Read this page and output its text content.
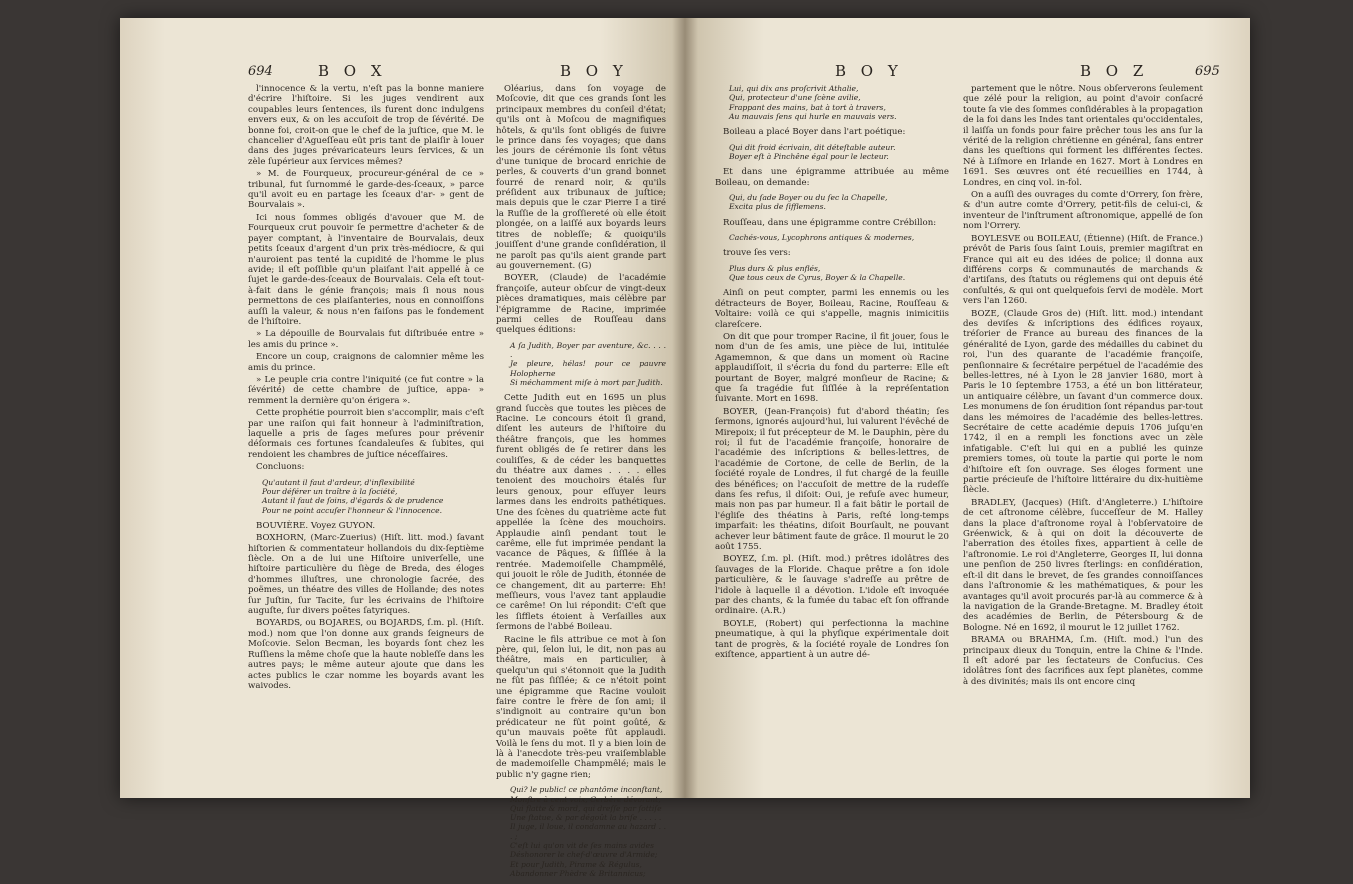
694	B O X	B O Y

l'innocence & la vertu, n'eſt pas la bonne maniere d'écrire l'hiſtoire. Si les juges vendirent aux coupables leurs ſentences, ils furent donc indulgens envers eux, & on les accuſoit de trop de ſévérité. De bonne foi, croit-on que le chef de la juſtice, que M. le chancelier d'Agueſſeau eût pris tant de plaiſir à louer dans des juges prévaricateurs leurs ſervices, & un zèle ſupérieur aux ſervices mêmes?

» M. de Fourqueux, procureur-général de ce » tribunal, fut ſurnommé le garde-des-ſceaux, » parce qu'il avoit eu en partage les ſceaux d'ar- » gent de Bourvalais ».

Ici nous ſommes obligés d'avouer que M. de Fourqueux crut pouvoir ſe permettre d'acheter & de payer comptant, à l'inventaire de Bourvalais, deux petits ſceaux d'argent d'un prix très-médiocre, & qui n'auroient pas tenté la cupidité de l'homme le plus avide; il eſt poſſible qu'un plaiſant l'ait appellé à ce ſujet le garde-des-ſceaux de Bourvalais. Cela eſt tout-à-fait dans le génie françois; mais ſi nous nous permettons de ces plaiſanteries, nous en connoiſſons auſſi la valeur, & nous n'en faiſons pas le fondement de l'hiſtoire.

» La dépouille de Bourvalais fut diſtribuée entre » les amis du prince ».

Encore un coup, craignons de calomnier même les amis du prince.

» Le peuple cria contre l'iniquité (ce fut contre » la ſévérité) de cette chambre de juſtice, appa- » remment la dernière qu'on érigera ».

Cette prophétie pourroit bien s'accomplir, mais c'eſt par une raiſon qui fait honneur à l'adminiſtration, laquelle a pris de ſages meſures pour prévenir déſormais ces fortunes ſcandaleuſes & ſubites, qui rendoient les chambres de juſtice néceſſaires.

Concluons:

Qu'autant il faut d'ardeur, d'inflexibilité
Pour déférer un traître à la ſociété,
Autant il faut de ſoins, d'égards & de prudence
Pour ne point accuſer l'honneur & l'innocence.

BOUVIÈRE. Voyez GUYON.

BOXHORN, (Marc-Zuerius) (Hiſt. litt. mod.) ſavant hiſtorien & commentateur hollandois du dix-ſeptième ſiècle. On a de lui une Hiſtoire univerſelle, une hiſtoire particulière du ſiège de Breda, des éloges d'hommes illuſtres, une chronologie ſacrée, des poëmes, un théatre des villes de Hollande; des notes ſur Juſtin, ſur Tacite, ſur les écrivains de l'hiſtoire auguſte, ſur divers poëtes ſatyriques.

BOYARDS, ou BOJARES, ou BOJARDS, ſ.m. pl. (Hiſt. mod.) nom que l'on donne aux grands ſeigneurs de Moſcovie. Selon Becman, les boyards ſont chez les Ruſſiens la même choſe que la haute nobleſſe dans les autres pays; le même auteur ajoute que dans les actes publics le czar nomme les boyards avant les waivodes.

Oléarius, dans ſon voyage de Moſcovie, dit que ces grands ſont les principaux membres du conſeil d'état; qu'ils ont à Moſcou de magnifiques hôtels, & qu'ils ſont obligés de ſuivre le prince dans ſes voyages; que dans les jours de cérémonie ils ſont vêtus d'une tunique de brocard enrichie de perles, & couverts d'un grand bonnet fourré de renard noir, & qu'ils préſident aux tribunaux de juſtice; mais depuis que le czar Pierre I a tiré la Ruſſie de la groſſiereté où elle étoit plongée, on a laiſſé aux boyards leurs titres de nobleſſe; & quoiqu'ils jouiſſent d'une grande conſidération, il ne paroît pas qu'ils aient grande part au gouvernement. (G)

BOYER, (Claude) de l'académie françoiſe, auteur obſcur de vingt-deux pièces dramatiques, mais célèbre par l'épigramme de Racine, imprimée parmi celles de Rouſſeau dans quelques éditions:

A ſa Judith, Boyer par aventure, &c. . . . .
Je pleure, hélas! pour ce pauvre Holopherne
Si méchamment miſe à mort par Judith.

Cette Judith eut en 1695 un plus grand ſuccès que toutes les pièces de Racine. Le concours étoit ſi grand, diſent les auteurs de l'hiſtoire du théâtre françois, que les hommes furent obligés de ſe retirer dans les couliſſes, & de céder les banquettes du théatre aux dames . . . . elles tenoient des mouchoirs étalés ſur leurs genoux, pour eſſuyer leurs larmes dans les endroits pathétiques. Une des ſcènes du quatrième acte fut appellée la ſcène des mouchoirs. Applaudie ainſi pendant tout le carême, elle fut imprimée pendant la vacance de Pâques, & ſiſſlée à la rentrée. Mademoiſelle Champmêlé, qui jouoit le rôle de Judith, étonnée de ce changement, dit au parterre: Eh! meſſieurs, vous l'avez tant applaudie ce carême! On lui répondit: C'eſt que les ſifflets étoient à Verſailles aux ſermons de l'abbé Boileau.

Racine le fils attribue ce mot à ſon père, qui, ſelon lui, le dit, non pas au théâtre, mais en particulier, à quelqu'un qui s'étonnoit que la Judith ne fût pas ſiſſlée; & ce n'étoit point une épigramme que Racine vouloit faire contre le frère de ſon ami; il s'indignoit au contraire qu'un bon prédicateur ne fût point goûté, & qu'un mauvais poëte fût applaudi. Voilà le ſens du mot. Il y a bien loin de là à l'anecdote très-peu vraiſemblable de mademoiſelle Champmêlé; mais le public n'y gagne rien;

Qui? le public! ce phantôme inconſtant,
Monſtre à cent voix, Cerbère dévorant,
Qui flatte & mord, qui dreſſe par ſottiſe
Une ſtatue, & par dégoût la briſe . . . . .
Il juge, il loue, il condamne au hazard . . . ;
C'eſt lui qu'on vit de ſes mains avides
Déshonorer le chef-d'œuvre d'Armide;
Et pour Judith, Pirame & Régulus,
Abandonner Phèdre & Britannicus;
B O Y	B O Z	695
Lui, qui dix ans proſcrivit Athalie,
Qui, protecteur d'une ſcène avilie,
Frappant des mains, bat à tort à travers,
Au mauvais ſens qui hurle en mauvais vers.

Boileau a placé Boyer dans l'art poétique:

Qui dit froid écrivain, dit déteſtable auteur.
Boyer eſt à Pinchêne égal pour le lecteur.

Et dans une épigramme attribuée au même Boileau, on demande:

Qui, du ſade Boyer ou du ſec la Chapelle,
Excita plus de ſifflemens.

Rouſſeau, dans une épigramme contre Crébillon:

Cachés-vous, Lycophrons antiques & modernes,

trouve ſes vers:

Plus durs & plus enflés,
Que tous ceux de Cyrus, Boyer & la Chapelle.

Ainſi on peut compter, parmi les ennemis ou les détracteurs de Boyer, Boileau, Racine, Rouſſeau & Voltaire: voilà ce qui s'appelle, magnis inimicitiis clareſcere.

On dit que pour tromper Racine, il fit jouer, ſous le nom d'un de ſes amis, une pièce de lui, intitulée Agamemnon, & que dans un moment où Racine applaudiſſoit, il s'écria du fond du parterre: Elle eſt pourtant de Boyer, malgré monſieur de Racine; & que ſa tragédie fut ſiſſlée à la repréſentation ſuivante. Mort en 1698.

BOYER, (Jean-François) fut d'abord théatin; ſes ſermons, ignorés aujourd'hui, lui valurent l'évêché de Mirepoix; il fut précepteur de M. le Dauphin, père du roi; il fut de l'académie françoiſe, honoraire de l'académie des inſcriptions & belles-lettres, de l'académie de Cortone, de celle de Berlin, de la ſociété royale de Londres, il fut chargé de la feuille des bénéfices; on l'accuſoit de mettre de la rudeſſe dans ſes refus, il diſoit: Oui, je refuſe avec humeur, mais non pas par humeur. Il a fait bâtir le portail de l'égliſe des théatins à Paris, reſté long-temps imparfait: les théatins, diſoit Bourſault, ne pouvant achever leur bâtiment faute de grâce. Il mourut le 20 août 1755.

BOYEZ, ſ.m. pl. (Hiſt. mod.) prêtres idolâtres des ſauvages de la Floride. Chaque prêtre a ſon idole particulière, & le ſauvage s'adreſſe au prêtre de l'idole à laquelle il a dévotion. L'idole eſt invoquée par des chants, & la fumée du tabac eſt ſon offrande ordinaire. (A.R.)

BOYLE, (Robert) qui perfectionna la machine pneumatique, à qui la phyſique expérimentale doit tant de progrès, & la ſociété royale de Londres ſon exiſtence, appartient à un autre dé-

partement que le nôtre. Nous obſerverons ſeulement que zélé pour la religion, au point d'avoir conſacré toute ſa vie des ſommes conſidérables à la propagation de la foi dans les Indes tant orientales qu'occidentales, il laiſſa un fonds pour faire prêcher tous les ans ſur la vérité de la religion chrétienne en général, ſans entrer dans les queſtions qui forment les différentes ſectes. Né à Liſmore en Irlande en 1627. Mort à Londres en 1691. Ses œuvres ont été recueillies en 1744, à Londres, en cinq vol. in-fol.

On a auſſi des ouvrages du comte d'Orrery, ſon frère, & d'un autre comte d'Orrery, petit-fils de celui-ci, & inventeur de l'inſtrument aſtronomique, appellé de ſon nom l'Orrery.

BOYLESVE ou BOILEAU, (Étienne) (Hiſt. de France.) prévôt de Paris ſous ſaint Louis, premier magiſtrat en France qui ait eu des idées de police; il donna aux différens corps & communautés de marchands & d'artiſans, des ſtatuts ou réglemens qui ont depuis été conſultés, & qui ont quelquefois ſervi de modèle. Mort vers l'an 1260.

BOZE, (Claude Gros de) (Hiſt. litt. mod.) intendant des deviſes & inſcriptions des édifices royaux, tréſorier de France au bureau des finances de la généralité de Lyon, garde des médailles du cabinet du roi, l'un des quarante de l'académie françoiſe, penſionnaire & ſecrétaire perpétuel de l'académie des belles-lettres, né à Lyon le 28 janvier 1680, mort à Paris le 10 ſeptembre 1753, a été un bon littérateur, un antiquaire célèbre, un ſavant d'un commerce doux. Les monumens de ſon érudition ſont répandus par-tout dans les mémoires de l'académie des belles-lettres. Secrétaire de cette académie depuis 1706 juſqu'en 1742, il en a rempli les fonctions avec un zèle infatigable. C'eſt lui qui en a publié les quinze premiers tomes, où toute la partie qui porte le nom d'hiſtoire eſt ſon ouvrage. Ses éloges forment une partie précieuſe de l'hiſtoire littéraire du dix-huitième ſiècle.

BRADLEY, (Jacques) (Hiſt. d'Angleterre.) L'hiſtoire de cet aſtronome célèbre, ſucceſſeur de M. Halley dans la place d'aſtronome royal à l'obſervatoire de Gréenwick, & à qui on doit la découverte de l'aberration des étoiles fixes, appartient à celle de l'aſtronomie. Le roi d'Angleterre, Georges II, lui donna une penſion de 250 livres ſterlings: en conſidération, eſt-il dit dans le brevet, de ſes grandes connoiſſances dans l'aſtronomie & les mathématiques, & pour les avantages qu'il avoit procurés par-là au commerce & à la navigation de la Grande-Bretagne. M. Bradley étoit des académies de Berlin, de Pétersbourg & de Bologne. Né en 1692, il mourut le 12 juillet 1762.

BRAMA ou BRAHMA, ſ.m. (Hiſt. mod.) l'un des principaux dieux du Tonquin, entre la Chine & l'Inde. Il eſt adoré par les ſectateurs de Confucius. Ces idolâtres ſont des ſacrifices aux ſept planètes, comme à des divinités; mais ils ont encore cinq
